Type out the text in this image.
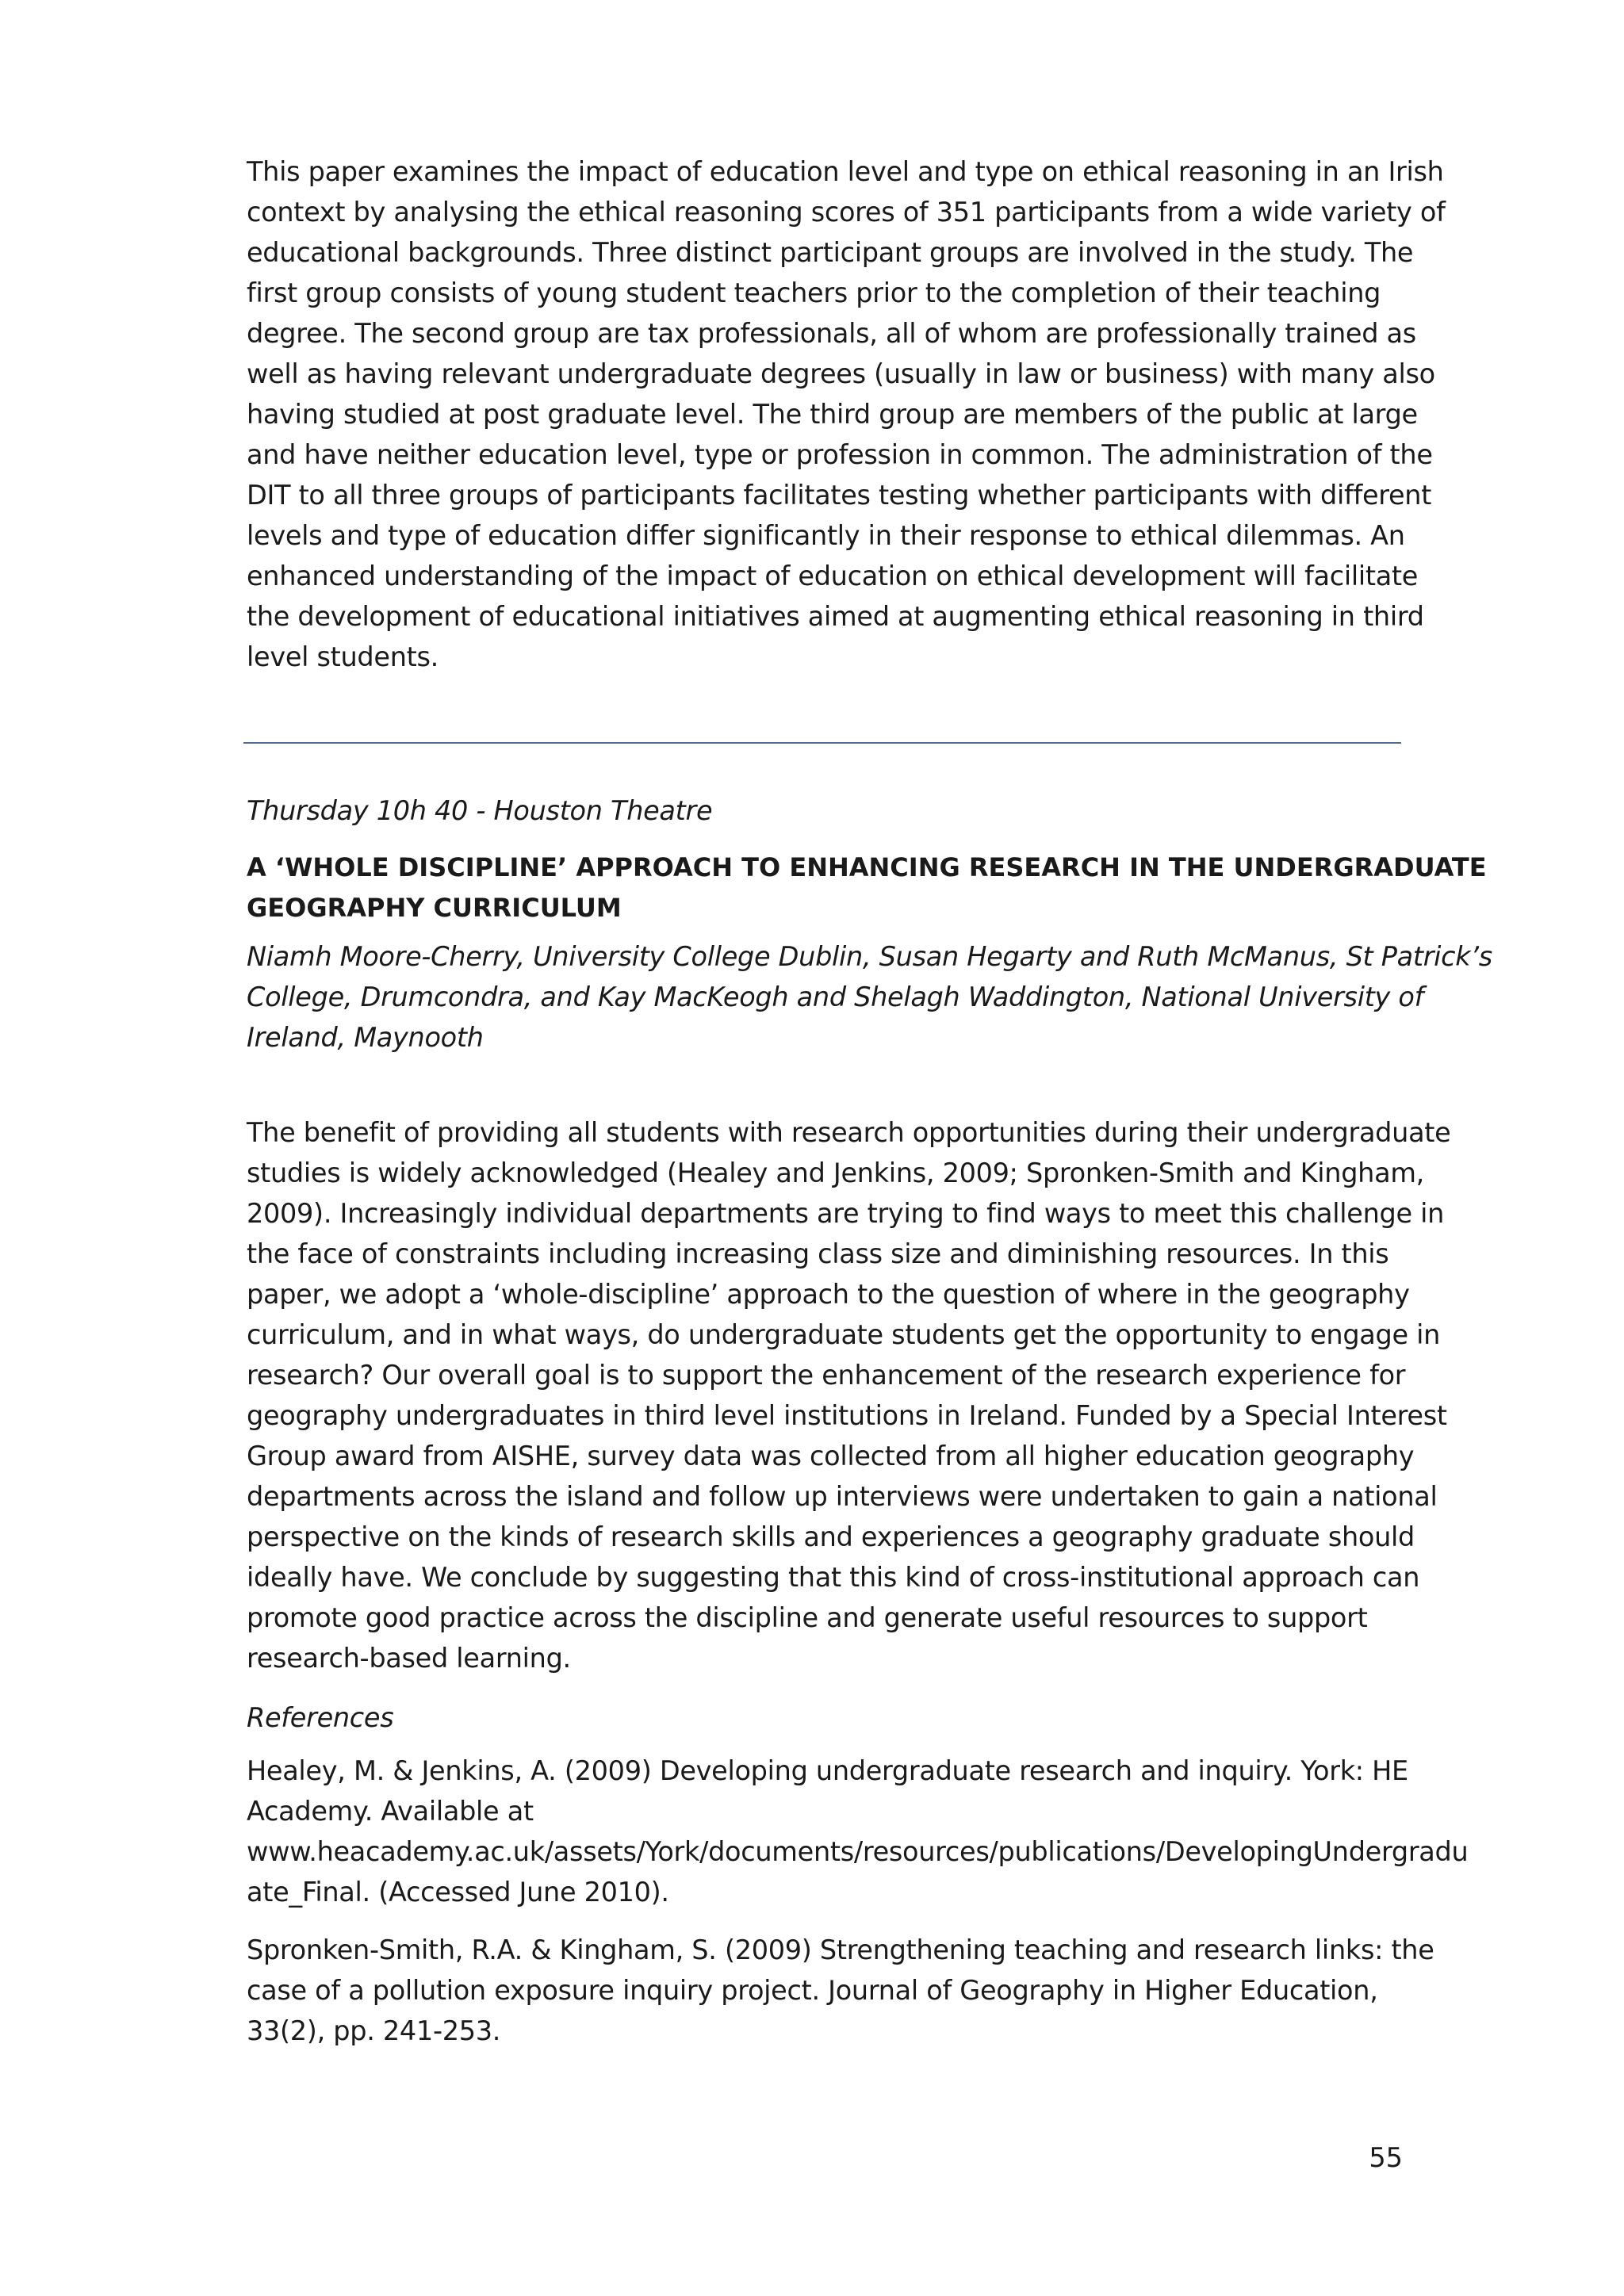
This paper examines the impact of education level and type on ethical reasoning in an Irish
context by analysing the ethical reasoning scores of 351 participants from a wide variety of
educational backgrounds. Three distinct participant groups are involved in the study. The
first group consists of young student teachers prior to the completion of their teaching
degree. The second group are tax professionals, all of whom are professionally trained as
well as having relevant undergraduate degrees (usually in law or business) with many also
having studied at post graduate level. The third group are members of the public at large
and have neither education level, type or profession in common. The administration of the
DIT to all three groups of participants facilitates testing whether participants with different
levels and type of education differ significantly in their response to ethical dilemmas. An
enhanced understanding of the impact of education on ethical development will facilitate
the development of educational initiatives aimed at augmenting ethical reasoning in third
level students.
Thursday 10h 40 - Houston Theatre
A ‘WHOLE DISCIPLINE’ APPROACH TO ENHANCING RESEARCH IN THE UNDERGRADUATE
GEOGRAPHY CURRICULUM
Niamh Moore-Cherry, University College Dublin, Susan Hegarty and Ruth McManus, St Patrick’s
College, Drumcondra, and Kay MacKeogh and Shelagh Waddington, National University of
Ireland, Maynooth
The benefit of providing all students with research opportunities during their undergraduate
studies is widely acknowledged (Healey and Jenkins, 2009; Spronken-Smith and Kingham,
2009). Increasingly individual departments are trying to find ways to meet this challenge in
the face of constraints including increasing class size and diminishing resources. In this
paper, we adopt a ‘whole-discipline’ approach to the question of where in the geography
curriculum, and in what ways, do undergraduate students get the opportunity to engage in
research? Our overall goal is to support the enhancement of the research experience for
geography undergraduates in third level institutions in Ireland. Funded by a Special Interest
Group award from AISHE, survey data was collected from all higher education geography
departments across the island and follow up interviews were undertaken to gain a national
perspective on the kinds of research skills and experiences a geography graduate should
ideally have. We conclude by suggesting that this kind of cross-institutional approach can
promote good practice across the discipline and generate useful resources to support
research-based learning.
References
Healey, M. & Jenkins, A. (2009) Developing undergraduate research and inquiry. York: HE
Academy. Available at
www.heacademy.ac.uk/assets/York/documents/resources/publications/DevelopingUndergradu
ate_Final. (Accessed June 2010).
Spronken-Smith, R.A. & Kingham, S. (2009) Strengthening teaching and research links: the
case of a pollution exposure inquiry project. Journal of Geography in Higher Education,
33(2), pp. 241-253.
55
